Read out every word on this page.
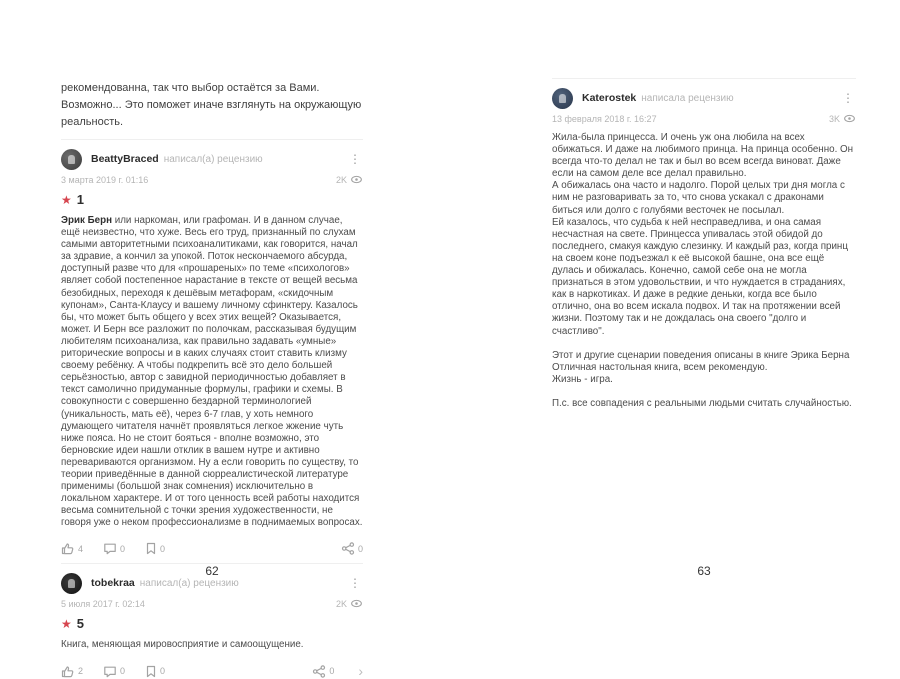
рекомендованна, так что выбор остаётся за Вами. Возможно... Это поможет иначе взглянуть на окружающую реальность.

BeattyBraced написал(а) рецензию	⋮
3 марта 2019 г. 01:16	2K
★ 1

Эрик Берн или наркоман, или графоман. И в данном случае, ещё неизвестно, что хуже. Весь его труд, признанный по слухам самыми авторитетными психоаналитиками, как говорится, начал за здравие, а кончил за упокой. Поток нескончаемого абсурда, доступный разве что для «прошареных» по теме «психологов» являет собой постепенное нарастание в тексте от вещей весьма безобидных, переходя к дешёвым метафорам, «скидочным купонам», Санта-Клаусу и вашему личному сфинктеру. Казалось бы, что может быть общего у всех этих вещей? Оказывается, может. И Берн все разложит по полочкам, рассказывая будущим любителям психоанализа, как правильно задавать «умные» риторические вопросы и в каких случаях стоит ставить клизму своему ребёнку. А чтобы подкрепить всё это дело большей серьёзностью, автор с завидной периодичностью добавляет в текст самолично придуманные формулы, графики и схемы. В совокупности с совершенно бездарной терминологией (уникальность, мать её), через 6-7 глав, у хоть немного думающего читателя начнёт проявляться легкое жжение чуть ниже пояса. Но не стоит бояться - вполне возможно, это берновские идеи нашли отклик в вашем нутре и активно перевариваются организмом. Ну а если говорить по существу, то теории приведённые в данной сюрреалистической литературе применимы (большой знак сомнения) исключительно в локальном характере. И от того ценность всей работы находится весьма сомнительной с точки зрения художественности, не говоря уже о неком профессионализме в поднимаемых вопросах.

4	0	0	0
tobekraa написал(а) рецензию	⋮
5 июля 2017 г. 02:14	2K
★ 5

Книга, меняющая мировосприятие и самоощущение.

2	0	0	0 ›
62
Katerostek написала рецензию	⋮
13 февраля 2018 г. 16:27	3K

Жила-была принцесса. И очень уж она любила на всех обижаться. И даже на любимого принца. На принца особенно. Он всегда что-то делал не так и был во всем всегда виноват. Даже если на самом деле все делал правильно.

А обижалась она часто и надолго. Порой целых три дня могла с ним не разговаривать за то, что снова ускакал с драконами биться или долго с голубями весточек не посылал.

Ей казалось, что судьба к ней несправедлива, и она самая несчастная на свете. Принцесса упивалась этой обидой до последнего, смакуя каждую слезинку. И каждый раз, когда принц на своем коне подъезжал к её высокой башне, она все ещё дулась и обижалась. Конечно, самой себе она не могла признаться в этом удовольствии, и что нуждается в страданиях, как в наркотиках. И даже в редкие деньки, когда все было отлично, она во всем искала подвох. И так на протяжении всей жизни. Поэтому так и не дождалась она своего "долго и счастливо".

Этот и другие сценарии поведения описаны в книге Эрика Берна Отличная настольная книга, всем рекомендую.

Жизнь - игра.

П.с. все совпадения с реальными людьми считать случайностью.

63
